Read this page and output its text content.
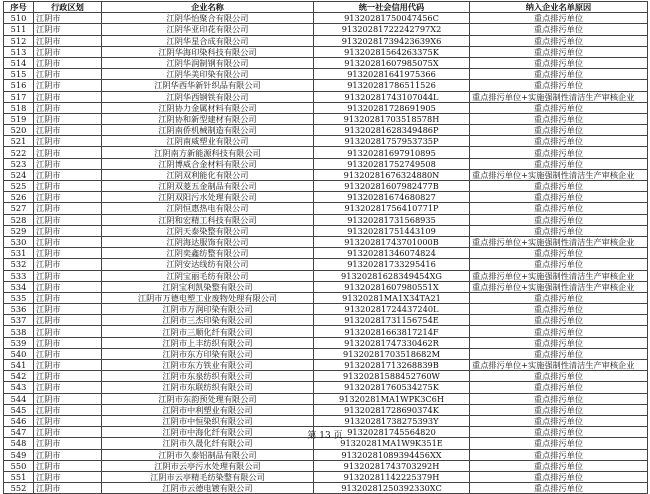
序号	行政区划	企业名称	统一社会信用代码	纳入企业名单原因
510	江阴市	江阴华怡聚合有限公司	91320281750047456C	重点排污单位
511	江阴市	江阴华亚印花有限公司	91320281722242797X2	重点排污单位
512	江阴市	江阴华星合成有限公司	91320281739423639X6	重点排污单位
513	江阴市	江阴华海印染科技有限公司	91320281564263375K	重点排污单位
514	江阴市	江阴华润制钢有限公司	91320281607985075X	重点排污单位
515	江阴市	江阴华美印染有限公司	91320281641975366	重点排污单位
516	江阴市	江阴华西华新针织品有限公司	91320281786511526	重点排污单位
517	江阴市	江阴华西钢铁有限公司	91320281743107044L	重点排污单位+实施强制性清洁生产审核企业
518	江阴市	江阴协力金属材料有限公司	91320281728691905	重点排污单位
519	江阴市	江阴协和新型建材有限公司	91320281703518578H	重点排污单位
520	江阴市	江阴南侨机械制造有限公司	91320281628349486P	重点排污单位
521	江阴市	江阴南威塑业有限公司	91320281757953735P	重点排污单位
522	江阴市	江阴南方新能源科技有限公司	91320281697910895	重点排污单位
523	江阴市	江阴博威合金材料有限公司	91320281752749508	重点排污单位
524	江阴市	江阴双利能化有限公司	91320281676324880N	重点排污单位+实施强制性清洁生产审核企业
525	江阴市	江阴双菱五金制品有限公司	91320281607982477B	重点排污单位
526	江阴市	江阴双阳污水处理有限公司	91320281674680827	重点排污单位
527	江阴市	江阴恒惠热电有限公司	91320281756410771P	重点排污单位
528	江阴市	江阴和宏精工科技有限公司	91320281731568935	重点排污单位
529	江阴市	江阴天泰染整有限公司	91320281751443109	重点排污单位
530	江阴市	江阴海达服饰有限公司	91320281743701000B	重点排污单位+实施强制性清洁生产审核企业
531	江阴市	江阴奕鑫纺整有限公司	91320281346074824	重点排污单位
532	江阴市	江阴安达线纺有限公司	91320281733295416	重点排污单位
533	江阴市	江阴宝丽毛纺有限公司	91320281628349454XG	重点排污单位+实施强制性清洁生产审核企业
534	江阴市	江阴宝利凯染整有限公司	91320281607980551X	重点排污单位+实施强制性清洁生产审核企业
535	江阴市	江阴市万德电塑工业废物处理有限公司	91320281MA1X34TA21	重点排污单位
536	江阴市	江阴市万润印染有限公司	91320281724437240L	重点排污单位
537	江阴市	江阴市三杰印染有限公司	91320281731156754E	重点排污单位
538	江阴市	江阴市三顺化纤有限公司	91320281663817214F	重点排污单位
539	江阴市	江阴市上丰纺织有限公司	91320281747330462R	重点排污单位
540	江阴市	江阴市东方印染有限公司	91320281703518682M	重点排污单位
541	江阴市	江阴市东方铁业有限公司	91320281713268839B	重点排污单位+实施强制性清洁生产审核企业
542	江阴市	江阴市东泉纺织有限公司	91320281588452760W	重点排污单位
543	江阴市	江阴市东联纺织有限公司	91320281760534275K	重点排污单位
544	江阴市	江阴市东韵预处理有限公司	91320281MA1WPK3C6H	重点排污单位
545	江阴市	江阴市中利塑业有限公司	91320281728690374K	重点排污单位
546	江阴市	江阴市中恒染织有限公司	91320281738275393Y	重点排污单位
547	江阴市	江阴市中海化纤有限公司	91320281745564820	重点排污单位
548	江阴市	江阴市久晟化纤有限公司	91320281MA1W9K351E	重点排污单位
549	江阴市	江阴市久泰铝制品有限公司	91320281089394456XX	重点排污单位
550	江阴市	江阴市云亭污水处理有限公司	91320281743703292H	重点排污单位
551	江阴市	江阴市云亭精毛纺染整有限公司	91320281142225379H	重点排污单位
552	江阴市	江阴市云德电镀有限公司	91320281250392330XC	重点排污单位
第 13 页
